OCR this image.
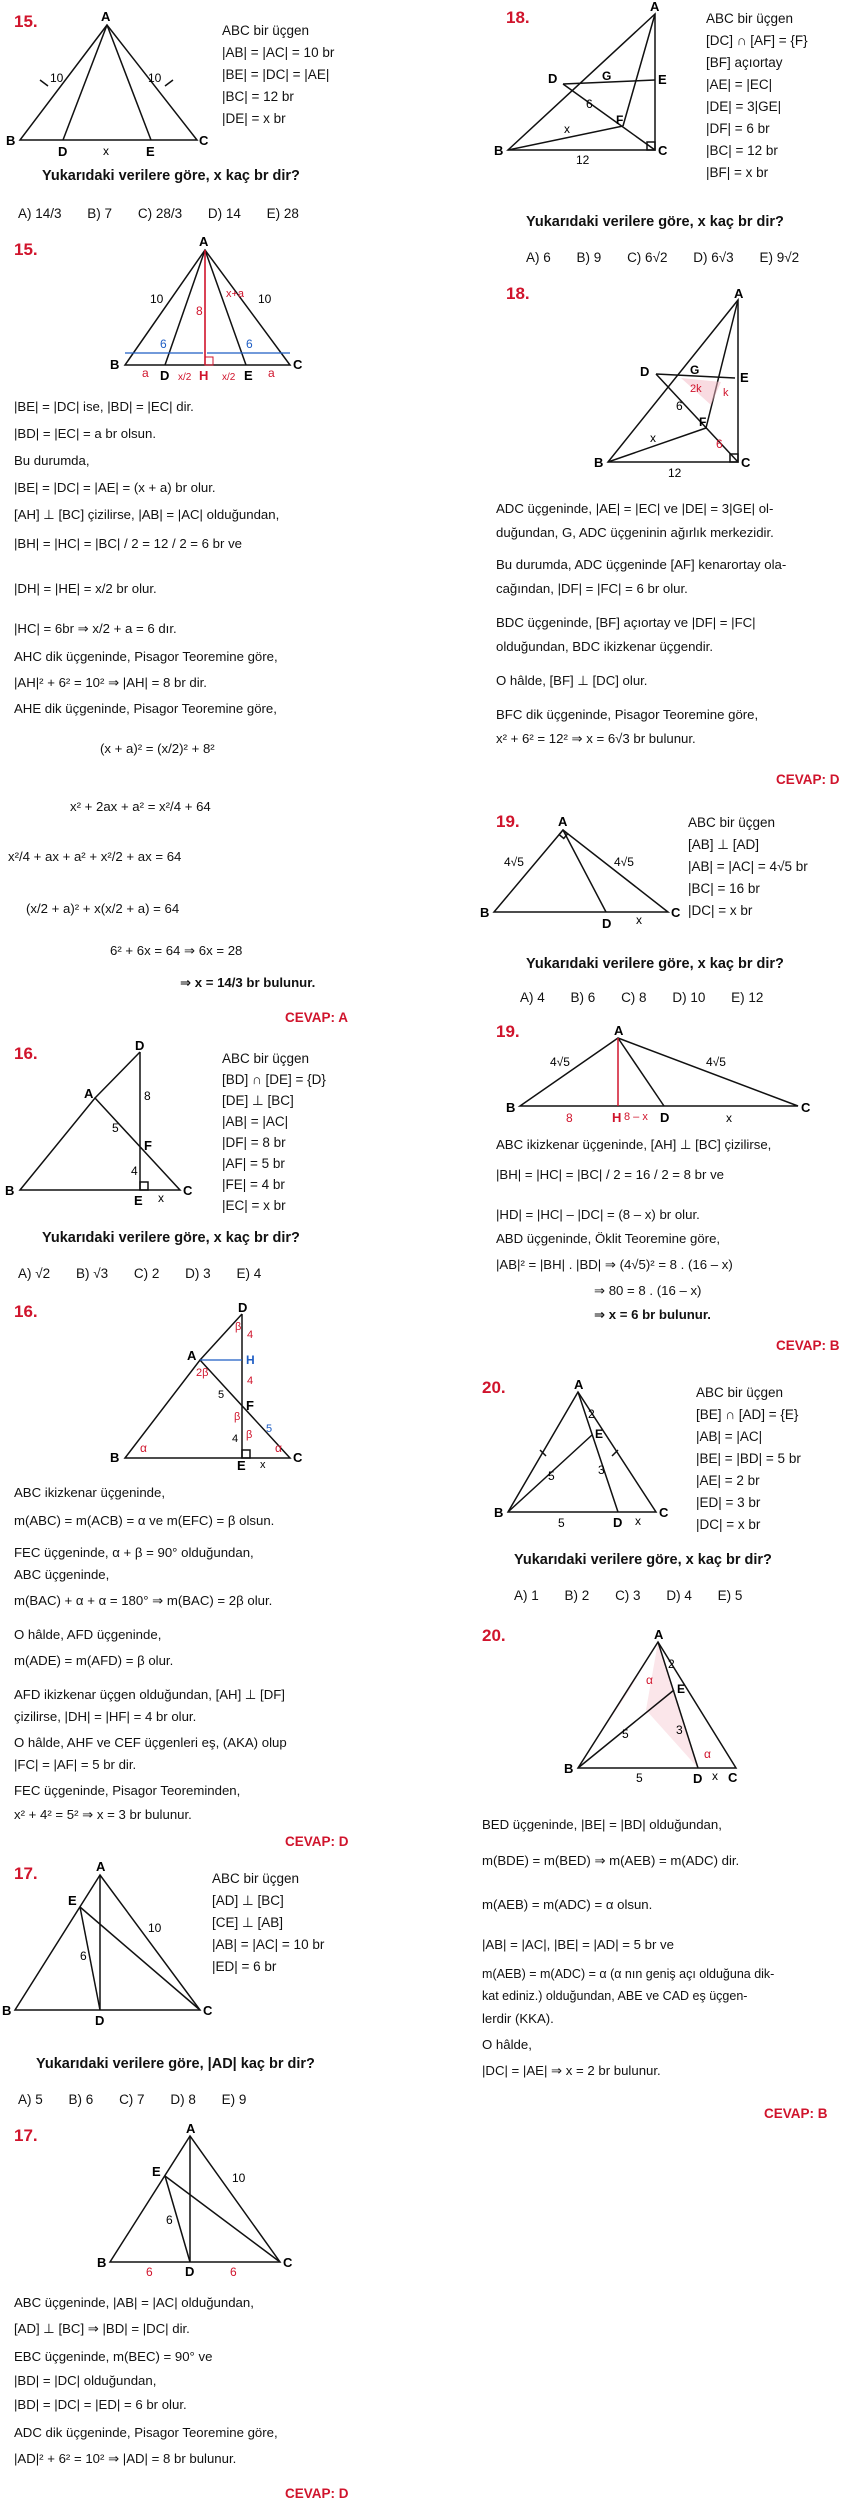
15.	A
B	C
D	E
x
10	10
ABC bir üçgen
|AB| = |AC| = 10 br
|BE| = |DC| = |AE|
|BC| = 12 br
|DE| = x br
Yukarıdaki verilere göre, x kaç br dir?
A) 14/3 B) 7 C) 28/3 D) 14 E) 28
15.	A
B	C
D	E
H
10	10
8
6	6
x+a
a	a
x/2	x/2
|BE| = |DC| ise, |BD| = |EC| dir.
|BD| = |EC| = a br olsun.
Bu durumda,
|BE| = |DC| = |AE| = (x + a) br olur.
[AH] ⊥ [BC] çizilirse, |AB| = |AC| olduğundan,
|BH| = |HC| = |BC| / 2 = 12 / 2 = 6 br ve
|DH| = |HE| = x/2 br olur.
|HC| = 6br ⇒ x/2 + a = 6 dır.
AHC dik üçgeninde, Pisagor Teoremine göre,
|AH|² + 6² = 10² ⇒ |AH| = 8 br dir.
AHE dik üçgeninde, Pisagor Teoremine göre,
(x + a)² = (x/2)² + 8²
x² + 2ax + a² = x²/4 + 64
x²/4 + ax + a² + x²/2 + ax = 64
(x/2 + a)² + x(x/2 + a) = 64
6² + 6x = 64 ⇒ 6x = 28
⇒ x = 14/3 br bulunur.
CEVAP: A
16.	D
A
B	C
E
F
8
5
4
x
ABC bir üçgen
[BD] ∩ [DE] = {D}
[DE] ⊥ [BC]
|AB| = |AC|
|DF| = 8 br
|AF| = 5 br
|FE| = 4 br
|EC| = x br
Yukarıdaki verilere göre, x kaç br dir?
A) √2 B) √3 C) 2 D) 3 E) 4
16.	D
A	H
F
B	C
E
4
4
4
5
5
x
α	α
β
β
β
2β
ABC ikizkenar üçgeninde,
m(ABC) = m(ACB) = α ve m(EFC) = β olsun.
FEC üçgeninde, α + β = 90° olduğundan,
ABC üçgeninde,
m(BAC) + α + α = 180° ⇒ m(BAC) = 2β olur.
O hâlde, AFD üçgeninde,
m(ADE) = m(AFD) = β olur.
AFD ikizkenar üçgen olduğundan, [AH] ⊥ [DF]
çizilirse, |DH| = |HF| = 4 br olur.
O hâlde, AHF ve CEF üçgenleri eş, (AKA) olup
|FC| = |AF| = 5 br dir.
FEC üçgeninde, Pisagor Teoreminden,
x² + 4² = 5² ⇒ x = 3 br bulunur.
CEVAP: D
17.	A
E
B	C
D
6
10
ABC bir üçgen
[AD] ⊥ [BC]
[CE] ⊥ [AB]
|AB| = |AC| = 10 br
|ED| = 6 br
Yukarıdaki verilere göre, |AD| kaç br dir?
A) 5 B) 6 C) 7 D) 8 E) 9
17.	A
E
B	C
D
6
6	6
10
ABC üçgeninde, |AB| = |AC| olduğundan,
[AD] ⊥ [BC] ⇒ |BD| = |DC| dir.
EBC üçgeninde, m(BEC) = 90° ve
|BD| = |DC| olduğundan,
|BD| = |DC| = |ED| = 6 br olur.
ADC dik üçgeninde, Pisagor Teoremine göre,
|AD|² + 6² = 10² ⇒ |AD| = 8 br bulunur.
CEVAP: D
18.
A
D	G	E
F
B	C
6
x
12
ABC bir üçgen
[DC] ∩ [AF] = {F}
[BF] açıortay
|AE| = |EC|
|DE| = 3|GE|
|DF| = 6 br
|BC| = 12 br
|BF| = x br
Yukarıdaki verilere göre, x kaç br dir?
A) 6 B) 9 C) 6√2 D) 6√3 E) 9√2
18.	A
D	G	E
F
B	C
2k k
6
6
x
12
ADC üçgeninde, |AE| = |EC| ve |DE| = 3|GE| ol-
duğundan, G, ADC üçgeninin ağırlık merkezidir.
Bu durumda, ADC üçgeninde [AF] kenarortay ola-
cağından, |DF| = |FC| = 6 br olur.
BDC üçgeninde, [BF] açıortay ve |DF| = |FC|
olduğundan, BDC ikizkenar üçgendir.
O hâlde, [BF] ⊥ [DC] olur.
BFC dik üçgeninde, Pisagor Teoremine göre,
x² + 6² = 12² ⇒ x = 6√3 br bulunur.
CEVAP: D
19.	A
B	C
D x
4√5	4√5
ABC bir üçgen
[AB] ⊥ [AD]
|AB| = |AC| = 4√5 br
|BC| = 16 br
|DC| = x br
Yukarıdaki verilere göre, x kaç br dir?
A) 4 B) 6 C) 8 D) 10 E) 12
19.	A
B	C
H	D
4√5	4√5
8	8 – x	x
ABC ikizkenar üçgeninde, [AH] ⊥ [BC] çizilirse,
|BH| = |HC| = |BC| / 2 = 16 / 2 = 8 br ve
|HD| = |HC| – |DC| = (8 – x) br olur.
ABD üçgeninde, Öklit Teoremine göre,
|AB|² = |BH| . |BD| ⇒ (4√5)² = 8 . (16 – x)
⇒ 80 = 8 . (16 – x)
⇒ x = 6 br bulunur.
CEVAP: B
20.	A
E
B	C
D
2
3
5
5	x
ABC bir üçgen
[BE] ∩ [AD] = {E}
|AB| = |AC|
|BE| = |BD| = 5 br
|AE| = 2 br
|ED| = 3 br
|DC| = x br
Yukarıdaki verilere göre, x kaç br dir?
A) 1 B) 2 C) 3 D) 4 E) 5
20.	A
E
B
C
D
2
3
5
5	x
α
α
BED üçgeninde, |BE| = |BD| olduğundan,
m(BDE) = m(BED) ⇒ m(AEB) = m(ADC) dir.
m(AEB) = m(ADC) = α olsun.
|AB| = |AC|, |BE| = |AD| = 5 br ve
m(AEB) = m(ADC) = α (α nın geniş açı olduğuna dik-
kat ediniz.) olduğundan, ABE ve CAD eş üçgen-
lerdir (KKA).
O hâlde,
|DC| = |AE| ⇒ x = 2 br bulunur.
CEVAP: B
